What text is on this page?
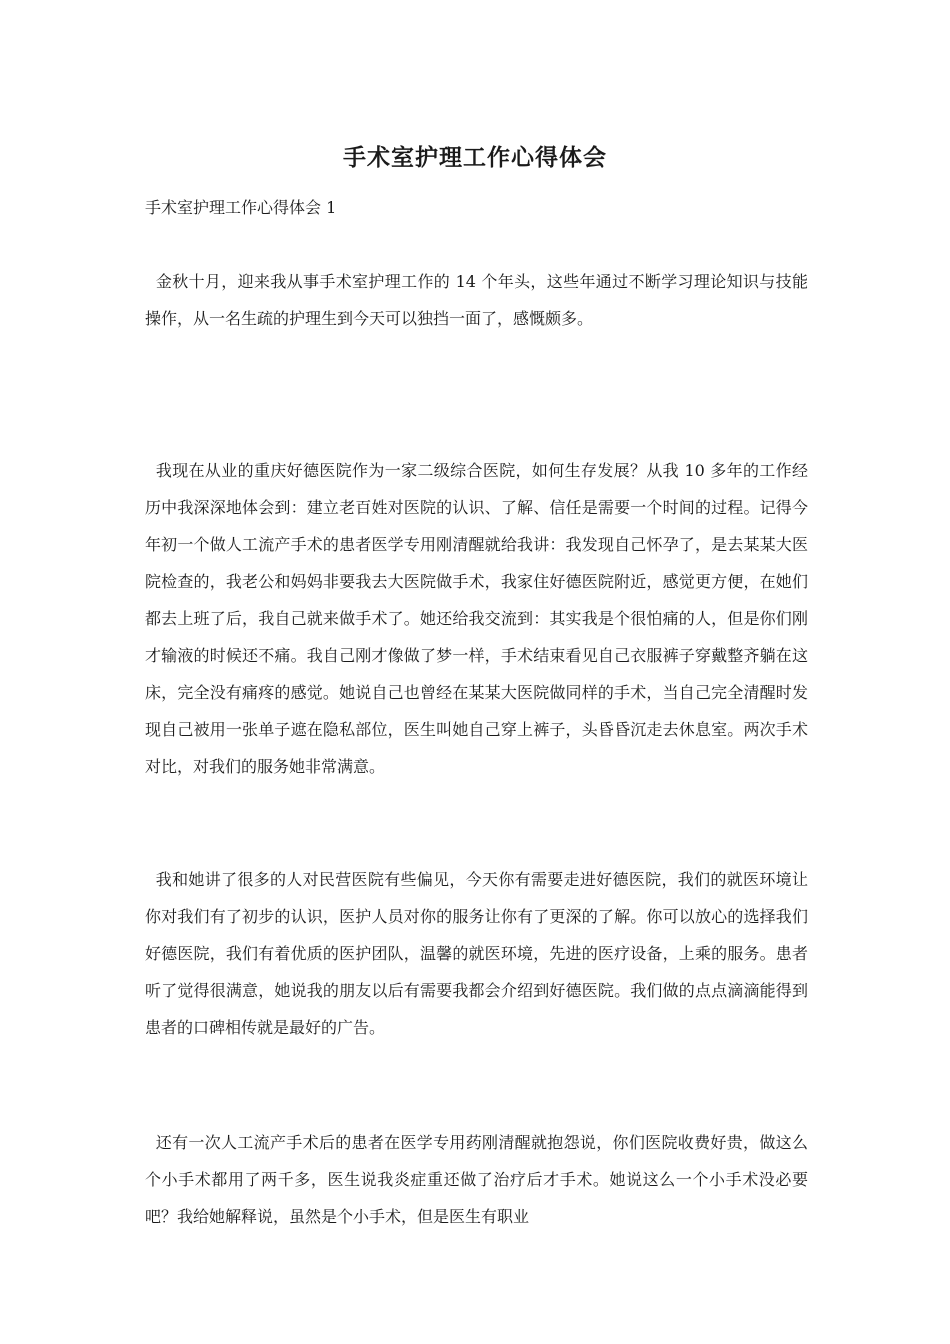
手术室护理工作心得体会
手术室护理工作心得体会 1

金秋十月，迎来我从事手术室护理工作的 14 个年头，这些年通过不断学习理论知识与技能操作，从一名生疏的护理生到今天可以独挡一面了，感慨颇多。

我现在从业的重庆好德医院作为一家二级综合医院，如何生存发展？从我 10 多年的工作经历中我深深地体会到：建立老百姓对医院的认识、了解、信任是需要一个时间的过程。记得今年初一个做人工流产手术的患者医学专用刚清醒就给我讲：我发现自己怀孕了，是去某某大医院检查的，我老公和妈妈非要我去大医院做手术，我家住好德医院附近，感觉更方便，在她们都去上班了后，我自己就来做手术了。她还给我交流到：其实我是个很怕痛的人，但是你们刚才输液的时候还不痛。我自己刚才像做了梦一样，手术结束看见自己衣服裤子穿戴整齐躺在这床，完全没有痛疼的感觉。她说自己也曾经在某某大医院做同样的手术，当自己完全清醒时发现自己被用一张单子遮在隐私部位，医生叫她自己穿上裤子，头昏昏沉走去休息室。两次手术对比，对我们的服务她非常满意。

我和她讲了很多的人对民营医院有些偏见，今天你有需要走进好德医院，我们的就医环境让你对我们有了初步的认识，医护人员对你的服务让你有了更深的了解。你可以放心的选择我们好德医院，我们有着优质的医护团队，温馨的就医环境，先进的医疗设备，上乘的服务。患者听了觉得很满意，她说我的朋友以后有需要我都会介绍到好德医院。我们做的点点滴滴能得到患者的口碑相传就是最好的广告。

还有一次人工流产手术后的患者在医学专用药刚清醒就抱怨说，你们医院收费好贵，做这么个小手术都用了两千多，医生说我炎症重还做了治疗后才手术。她说这么一个小手术没必要吧？我给她解释说，虽然是个小手术，但是医生有职业
